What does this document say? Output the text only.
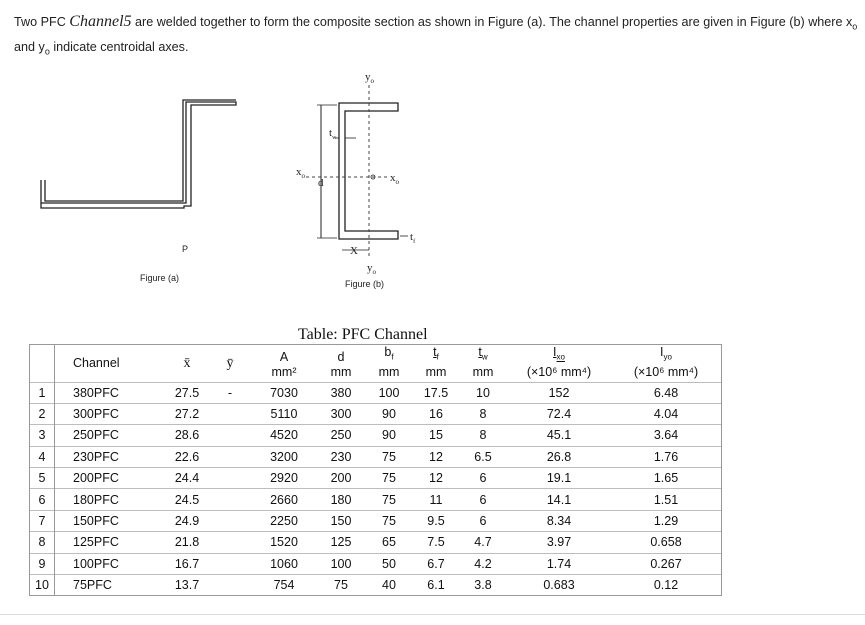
Two PFC Channel5 are welded together to form the composite section as shown in Figure (a). The channel properties are given in Figure (b) where $x_o$ and $y_o$ indicate centroidal axes.
P
Figure (a)
$y_o$
$t_w$
$x_o$	$x_o$
d
$t_f$
X
$y_o$
Figure (b)
Table: PFC Channel
	Channel	x̄	ȳ	A	d	$b_f$	$t_f$	$t_w$	$I_{xo}$	$I_{yo}$
				mm²	mm	mm	mm	mm	(×10⁶ mm⁴)	(×10⁶ mm⁴)
1	380PFC	27.5	-	7030	380	100	17.5	10	152	6.48
2	300PFC	27.2		5110	300	90	16	8	72.4	4.04
3	250PFC	28.6		4520	250	90	15	8	45.1	3.64
4	230PFC	22.6		3200	230	75	12	6.5	26.8	1.76
5	200PFC	24.4		2920	200	75	12	6	19.1	1.65
6	180PFC	24.5		2660	180	75	11	6	14.1	1.51
7	150PFC	24.9		2250	150	75	9.5	6	8.34	1.29
8	125PFC	21.8		1520	125	65	7.5	4.7	3.97	0.658
9	100PFC	16.7		1060	100	50	6.7	4.2	1.74	0.267
10	75PFC	13.7		754	75	40	6.1	3.8	0.683	0.12
